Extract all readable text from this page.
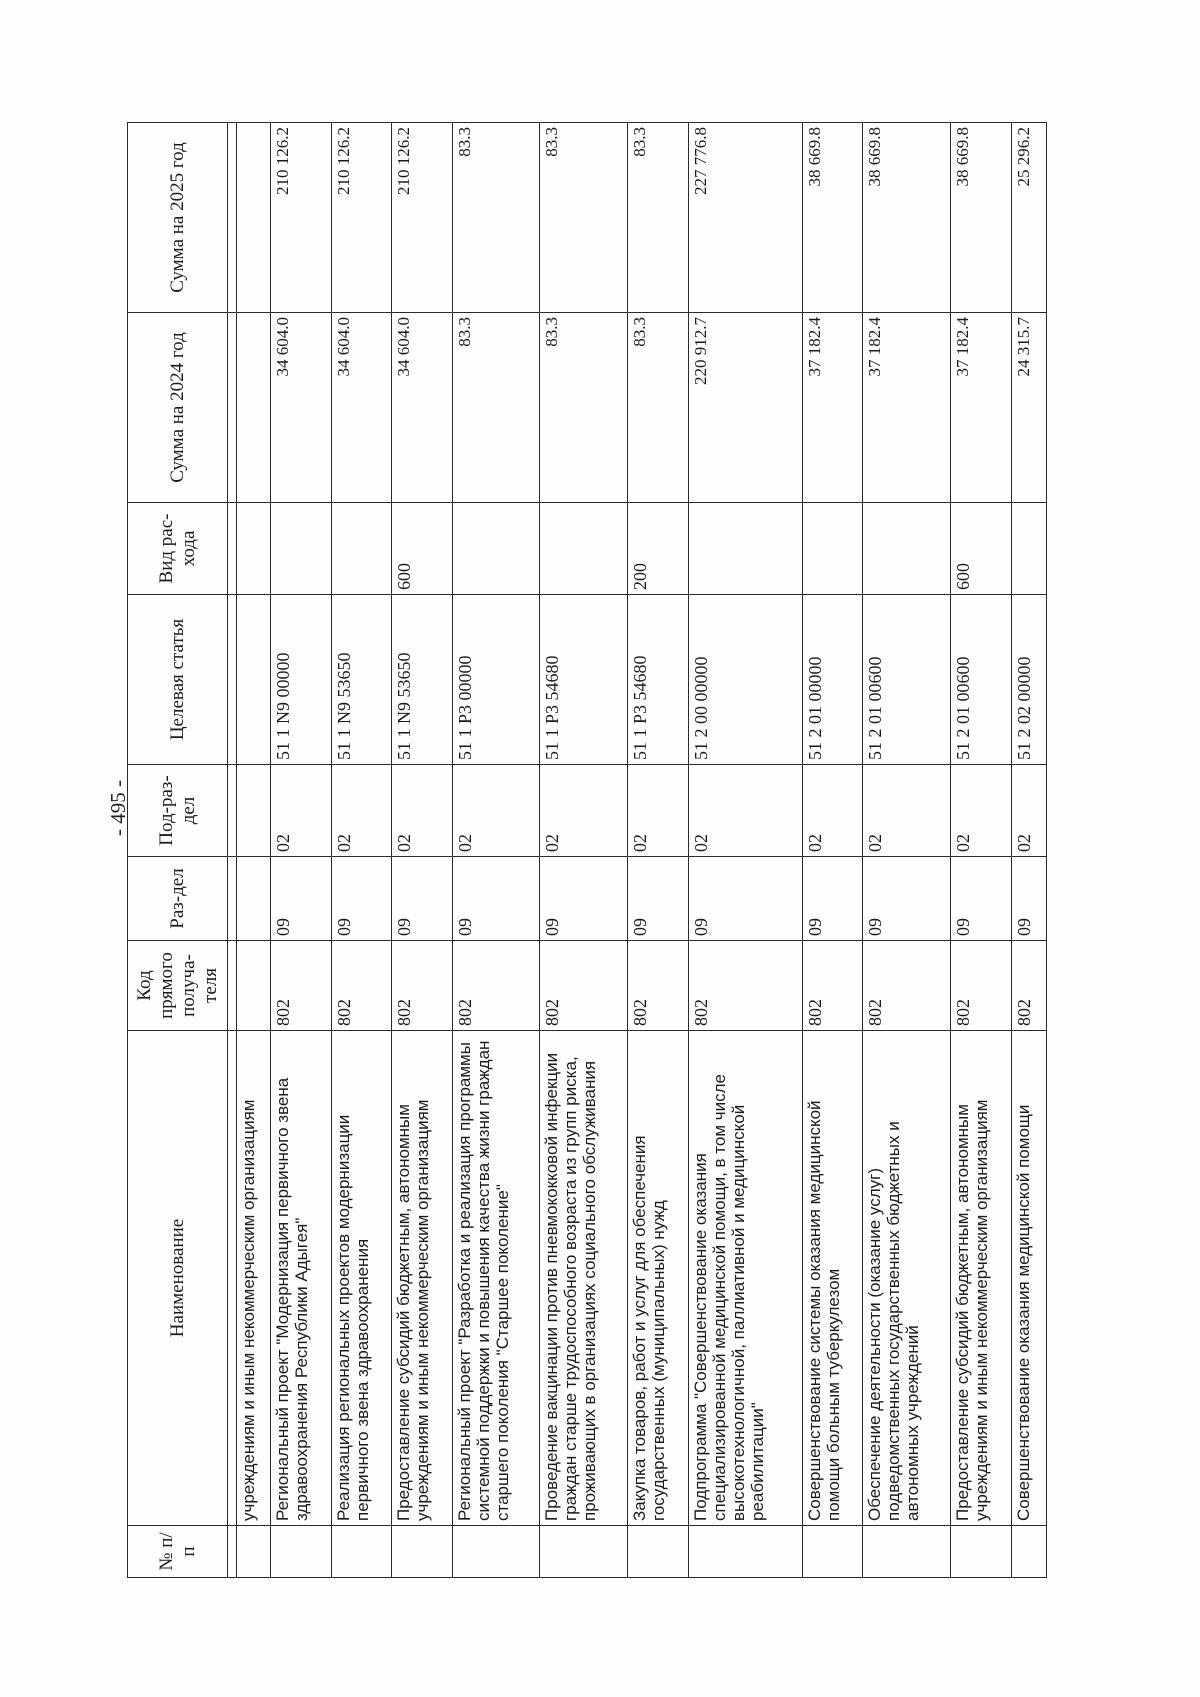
- 495 -
№ п/п	Наименование	Код прямого получа-теля	Раз-дел	Под-раз-дел	Целевая статья	Вид рас-хода	Сумма на 2024 год	Сумма на 2025 год

	учреждениям и иным некоммерческим организациям							
	Региональный проект "Модернизация первичного звена здравоохранения Республики Адыгея"	802	09	02	51 1 N9 00000		34 604.0	210 126.2
	Реализация региональных проектов модернизации первичного звена здравоохранения	802	09	02	51 1 N9 53650		34 604.0	210 126.2
	Предоставление субсидий бюджетным, автономным учреждениям и иным некоммерческим организациям	802	09	02	51 1 N9 53650	600	34 604.0	210 126.2
	Региональный проект "Разработка и реализация программы системной поддержки и повышения качества жизни граждан старшего поколения "Старшее поколение"	802	09	02	51 1 P3 00000		83.3	83.3
	Проведение вакцинации против пневмококковой инфекции граждан старше трудоспособного возраста из групп риска, проживающих в организациях социального обслуживания	802	09	02	51 1 P3 54680		83.3	83.3
	Закупка товаров, работ и услуг для обеспечения государственных (муниципальных) нужд	802	09	02	51 1 P3 54680	200	83.3	83.3
	Подпрограмма "Совершенствование оказания специализированной медицинской помощи, в том числе высокотехнологичной, паллиативной и медицинской реабилитации"	802	09	02	51 2 00 00000		220 912.7	227 776.8
	Совершенствование системы оказания медицинской помощи больным туберкулезом	802	09	02	51 2 01 00000		37 182.4	38 669.8
	Обеспечение деятельности (оказание услуг) подведомственных государственных бюджетных и автономных учреждений	802	09	02	51 2 01 00600		37 182.4	38 669.8
	Предоставление субсидий бюджетным, автономным учреждениям и иным некоммерческим организациям	802	09	02	51 2 01 00600	600	37 182.4	38 669.8
	Совершенствование оказания медицинской помощи	802	09	02	51 2 02 00000		24 315.7	25 296.2
